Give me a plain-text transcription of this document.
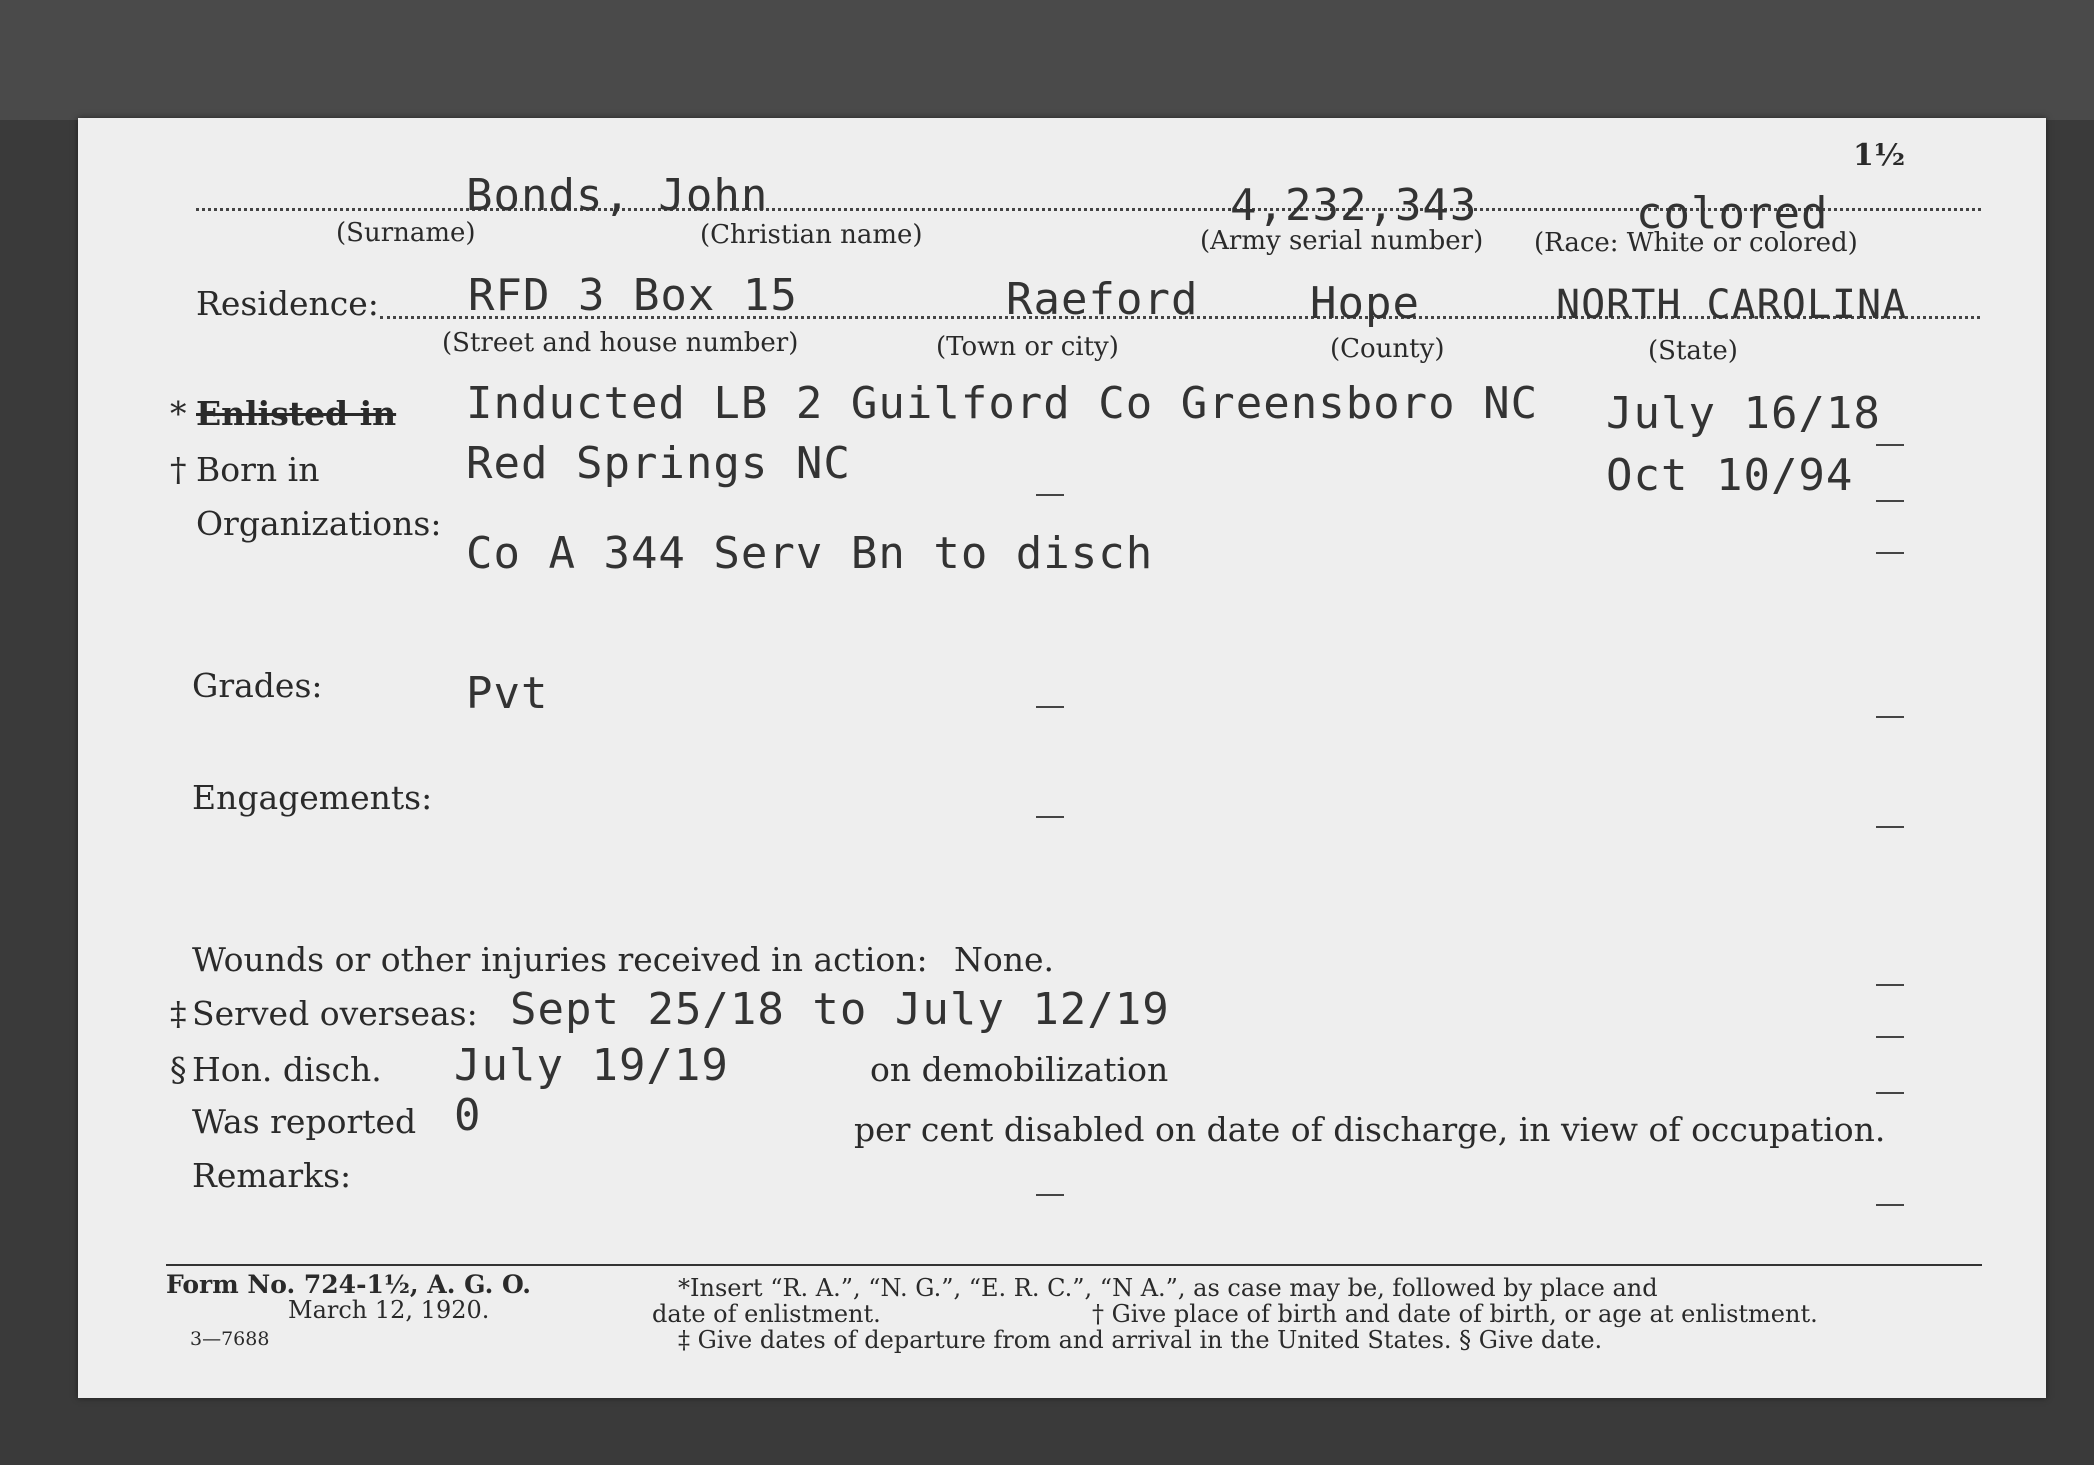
1½
Bonds, John	4,232,343	colored
(Surname)	(Christian name)	(Army serial number) (Race: White or colored)
Residence: RFD 3 Box 15	Raeford	Hope	NORTH CAROLINA
(Street and house number)	(Town or city)	(County)	(State)
* Enlisted in Inducted LB 2 Guilford Co Greensboro NC July 16/18
† Born in	Red Springs NC	Oct 10/94
Organizations:
Co A 344 Serv Bn to disch
Grades:	Pvt
Engagements:
Wounds or other injuries received in action: None.
‡ Served overseas: Sept 25/18 to July 12/19
§ Hon. disch. July 19/19	on demobilization
Was reported 0	per cent disabled on date of discharge, in view of occupation.
Remarks:
Form No. 724-1½, A. G. O.
March 12, 1920.
3—7688
*Insert “R. A.”, “N. G.”, “E. R. C.”, “N A.”, as case may be, followed by place and
date of enlistment.	† Give place of birth and date of birth, or age at enlistment.
‡ Give dates of departure from and arrival in the United States. § Give date.
